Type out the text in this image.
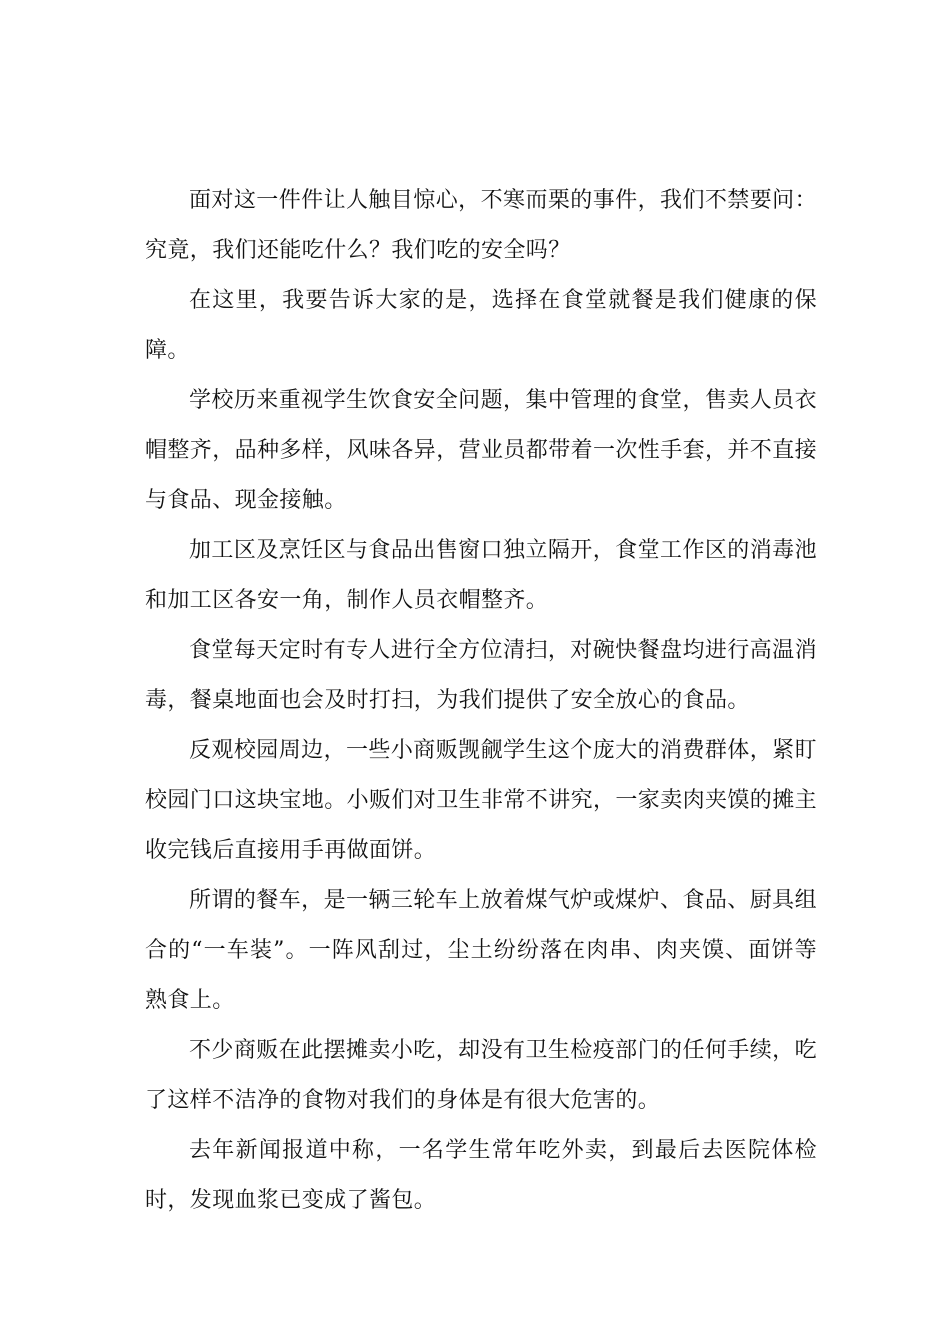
面对这一件件让人触目惊心，不寒而栗的事件，我们不禁要问：究竟，我们还能吃什么？我们吃的安全吗？

在这里，我要告诉大家的是，选择在食堂就餐是我们健康的保障。

学校历来重视学生饮食安全问题，集中管理的食堂，售卖人员衣帽整齐，品种多样，风味各异，营业员都带着一次性手套，并不直接与食品、现金接触。

加工区及烹饪区与食品出售窗口独立隔开，食堂工作区的消毒池和加工区各安一角，制作人员衣帽整齐。

食堂每天定时有专人进行全方位清扫，对碗快餐盘均进行高温消毒，餐桌地面也会及时打扫，为我们提供了安全放心的食品。

反观校园周边，一些小商贩觊觎学生这个庞大的消费群体，紧盯校园门口这块宝地。小贩们对卫生非常不讲究，一家卖肉夹馍的摊主收完钱后直接用手再做面饼。

所谓的餐车，是一辆三轮车上放着煤气炉或煤炉、食品、厨具组合的“一车装”。一阵风刮过，尘土纷纷落在肉串、肉夹馍、面饼等熟食上。

不少商贩在此摆摊卖小吃，却没有卫生检疫部门的任何手续，吃了这样不洁净的食物对我们的身体是有很大危害的。

去年新闻报道中称，一名学生常年吃外卖，到最后去医院体检时，发现血浆已变成了酱包。
